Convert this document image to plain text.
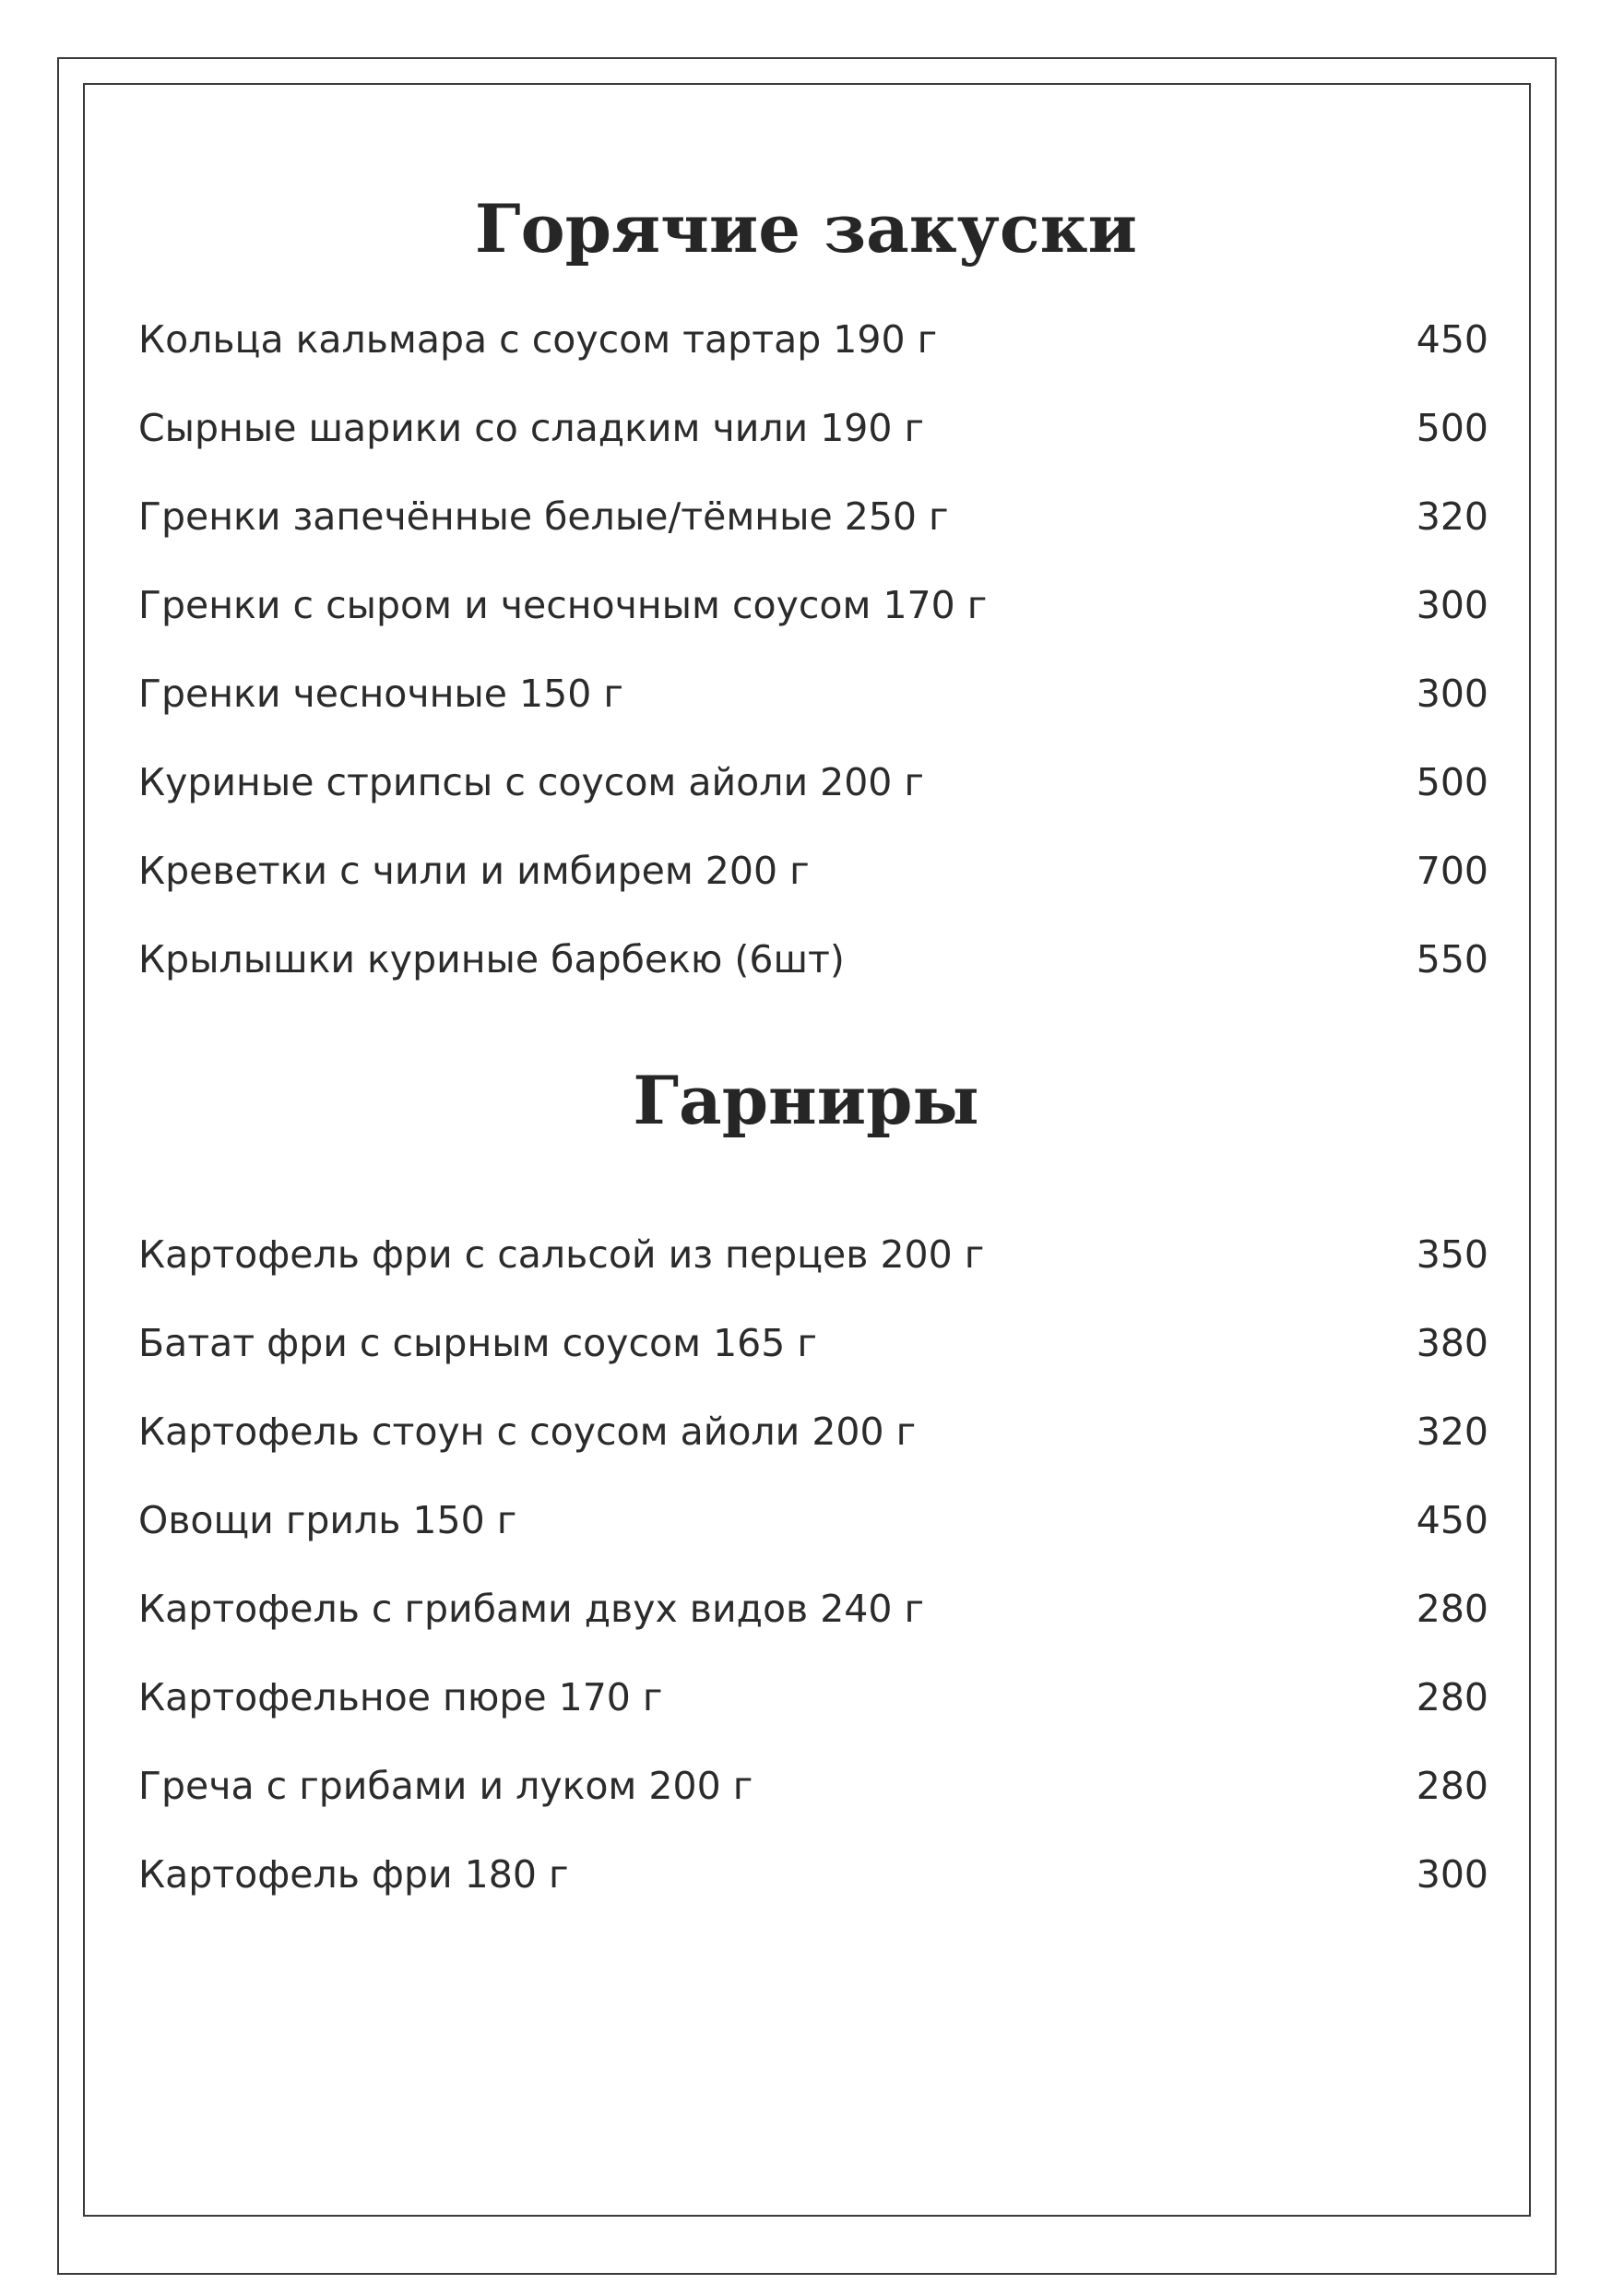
Горячие закуски
Кольца кальмара с соусом тартар 190 г	450
Сырные шарики со сладким чили 190 г	500
Гренки запечённые белые/тёмные 250 г	320
Гренки с сыром и чесночным соусом 170 г	300
Гренки чесночные 150 г	300
Куриные стрипсы с соусом айоли 200 г	500
Креветки с чили и имбирем 200 г	700
Крылышки куриные барбекю (6шт)	550
Гарниры
Картофель фри с сальсой из перцев 200 г	350
Батат фри с сырным соусом 165 г	380
Картофель стоун с соусом айоли 200 г	320
Овощи гриль 150 г	450
Картофель с грибами двух видов 240 г	280
Картофельное пюре 170 г	280
Греча с грибами и луком 200 г	280
Картофель фри 180 г	300
